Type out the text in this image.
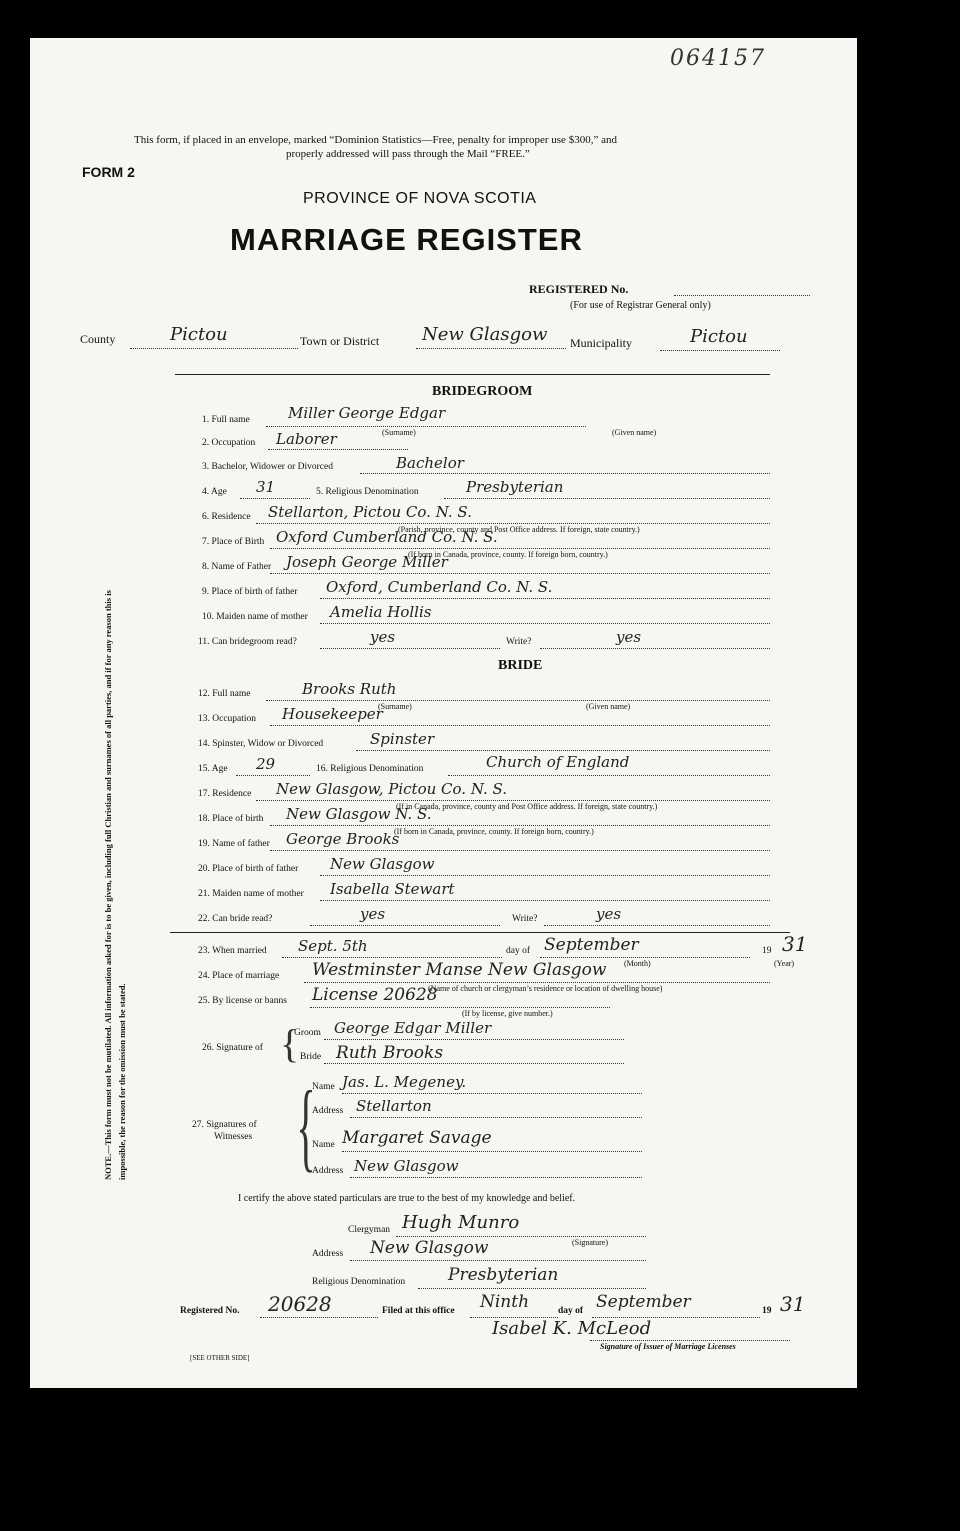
064157
This form, if placed in an envelope, marked “Dominion Statistics—Free, penalty for improper use $300,” and
properly addressed will pass through the Mail “FREE.”
FORM 2
PROVINCE OF NOVA SCOTIA
MARRIAGE REGISTER
REGISTERED No.
(For use of Registrar General only)
County	Pictou	Town or District New Glasgow Municipality	Pictou
NOTE.—This form must not be mutilated. All information asked for is to be given, including full Christian and surnames of all parties, and if for any reason this is impossible, the reason for the omission must be stated.
BRIDEGROOM
1. Full name	Miller George Edgar
(Surname)	(Given name)
2. Occupation Laborer
3. Bachelor, Widower or Divorced	Bachelor
4. Age 31	5. Religious Denomination	Presbyterian
6. Residence Stellarton, Pictou Co. N. S.
(Parish, province, county and Post Office address. If foreign, state country.)
7. Place of Birth Oxford Cumberland Co. N. S.
(If born in Canada, province, county. If foreign born, country.)
8. Name of Father Joseph George Miller
9. Place of birth of father Oxford, Cumberland Co. N. S.
10. Maiden name of mother Amelia Hollis
11. Can bridegroom read?	yes	Write?	yes
BRIDE
12. Full name	Brooks Ruth
(Surname)	(Given name)
13. Occupation Housekeeper
14. Spinster, Widow or Divorced	Spinster
15. Age 29	16. Religious Denomination	Church of England
17. Residence New Glasgow, Pictou Co. N. S.
(If in Canada, province, county and Post Office address. If foreign, state country.)
18. Place of birth New Glasgow N. S.
(If born in Canada, province, county. If foreign born, country.)
19. Name of father George Brooks
20. Place of birth of father New Glasgow
21. Maiden name of mother Isabella Stewart
22. Can bride read?	yes	Write?	yes
23. When married Sept. 5th	day of September
(Month)
19 31
(Year)
24. Place of marriage Westminster Manse New Glasgow
(Name of church or clergyman’s residence or location of dwelling house)
25. By license or banns License 20628
(If by license, give number.)
26. Signature of {
Groom George Edgar Miller
Bride Ruth Brooks
27. Signatures of
Witnesses {
Name Jas. L. Megeney.
Address Stellarton
Name Margaret Savage
Address New Glasgow
I certify the above stated particulars are true to the best of my knowledge and belief.
Clergyman Hugh Munro
(Signature)
Address New Glasgow
Religious Denomination	Presbyterian
Registered No. 20628	Filed at this office Ninth	day of September	19 31
Isabel K. McLeod
Signature of Issuer of Marriage Licenses
[SEE OTHER SIDE]
